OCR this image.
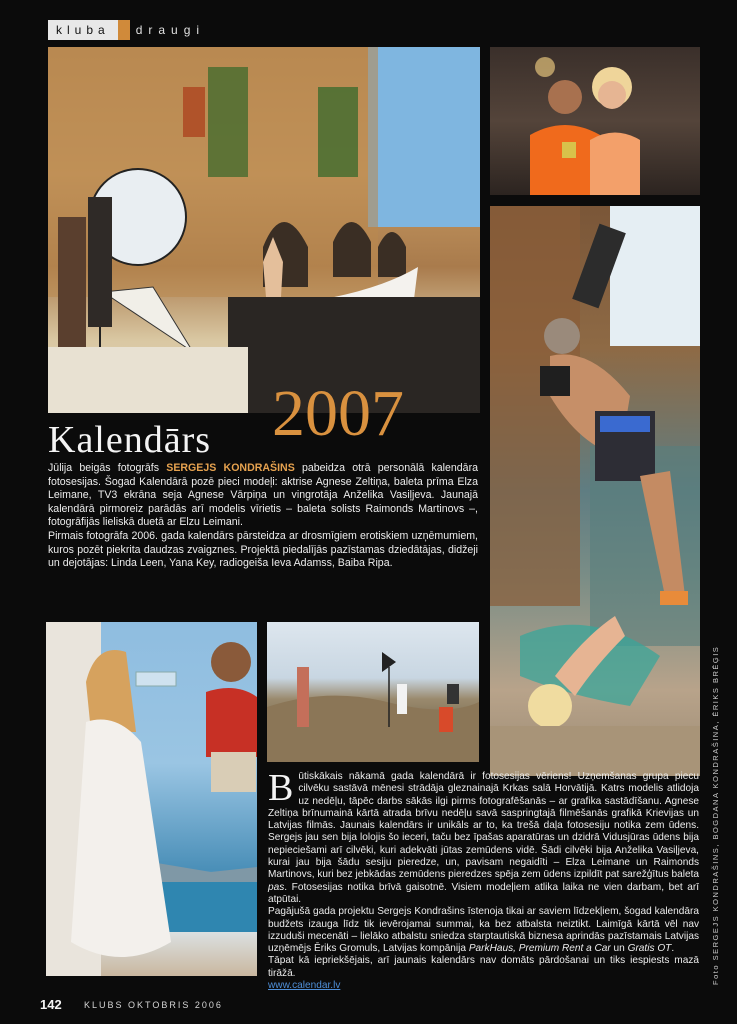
kluba	draugi
Kalendārs 2007

Jūlija beigās fotogrāfs SERGEJS KONDRAŠINS pabeidza otrā personālā kalendāra fotosesijas. Šogad Kalendārā pozē pieci modeļi: aktrise Agnese Zeltiņa, baleta prīma Elza Leimane, TV3 ekrāna seja Agnese Vārpiņa un vingrotāja Anželika Vasiļjeva. Jaunajā kalendārā pirmoreiz parādās arī modelis vīrietis – baleta solists Raimonds Martinovs –, fotogrāfijās lieliskā duetā ar Elzu Leimani.

Pirmais fotogrāfa 2006. gada kalendārs pārsteidza ar drosmīgiem erotiskiem uzņēmumiem, kuros pozēt piekrita daudzas zvaigznes. Projektā piedalījās pazīstamas dziedātājas, didžeji un dejotājas: Linda Leen, Yana Key, radiogeiša Ieva Adamss, Baiba Ripa.

Būtiskākais nākamā gada kalendārā ir fotosesijas vēriens! Uzņemšanas grupa piecu cilvēku sastāvā mēnesi strādāja gleznainajā Krkas salā Horvātijā. Katrs modelis atlidoja uz nedēļu, tāpēc darbs sākās ilgi pirms fotografēšanās – ar grafika sastādīšanu. Agnese Zeltiņa brīnumainā kārtā atrada brīvu nedēļu savā saspringtajā filmēšanās grafikā Krievijas un Latvijas filmās. Jaunais kalendārs ir unikāls ar to, ka trešā daļa fotosesiju notika zem ūdens. Sergejs jau sen bija lolojis šo ieceri, taču bez īpašas aparatūras un dzidrā Vidusjūras ūdens bija nepieciešami arī cilvēki, kuri adekvāti jūtas zemūdens vidē. Šādi cilvēki bija Anželika Vasiļjeva, kurai jau bija šādu sesiju pieredze, un, pavisam negaidīti – Elza Leimane un Raimonds Martinovs, kuri bez jebkādas zemūdens pieredzes spēja zem ūdens izpildīt pat sarežģītus baleta pas. Fotosesijas notika brīvā gaisotnē. Visiem modeļiem atlika laika ne vien darbam, bet arī atpūtai.

Pagājušā gada projektu Sergejs Kondrašins īstenoja tikai ar saviem līdzekļiem, šogad kalendāra budžets izauga līdz tik ievērojamai summai, ka bez atbalsta neiztikt. Laimīgā kārtā vēl nav izzuduši mecenāti – lielāko atbalstu sniedza starptautiskā biznesa aprindās pazīstamais Latvijas uzņēmējs Ēriks Gromuls, Latvijas kompānija ParkHaus, Premium Rent a Car un Gratis OT.

Tāpat kā iepriekšējais, arī jaunais kalendārs nav domāts pārdošanai un tiks iespiests mazā tirāžā.

www.calendar.lv

Foto SERGEJS KONDRAŠINS, BOGDANA KONDRAŠINA, ĒRIKS BRĒĢIS
142 KLUBS OKTOBRIS 2006
